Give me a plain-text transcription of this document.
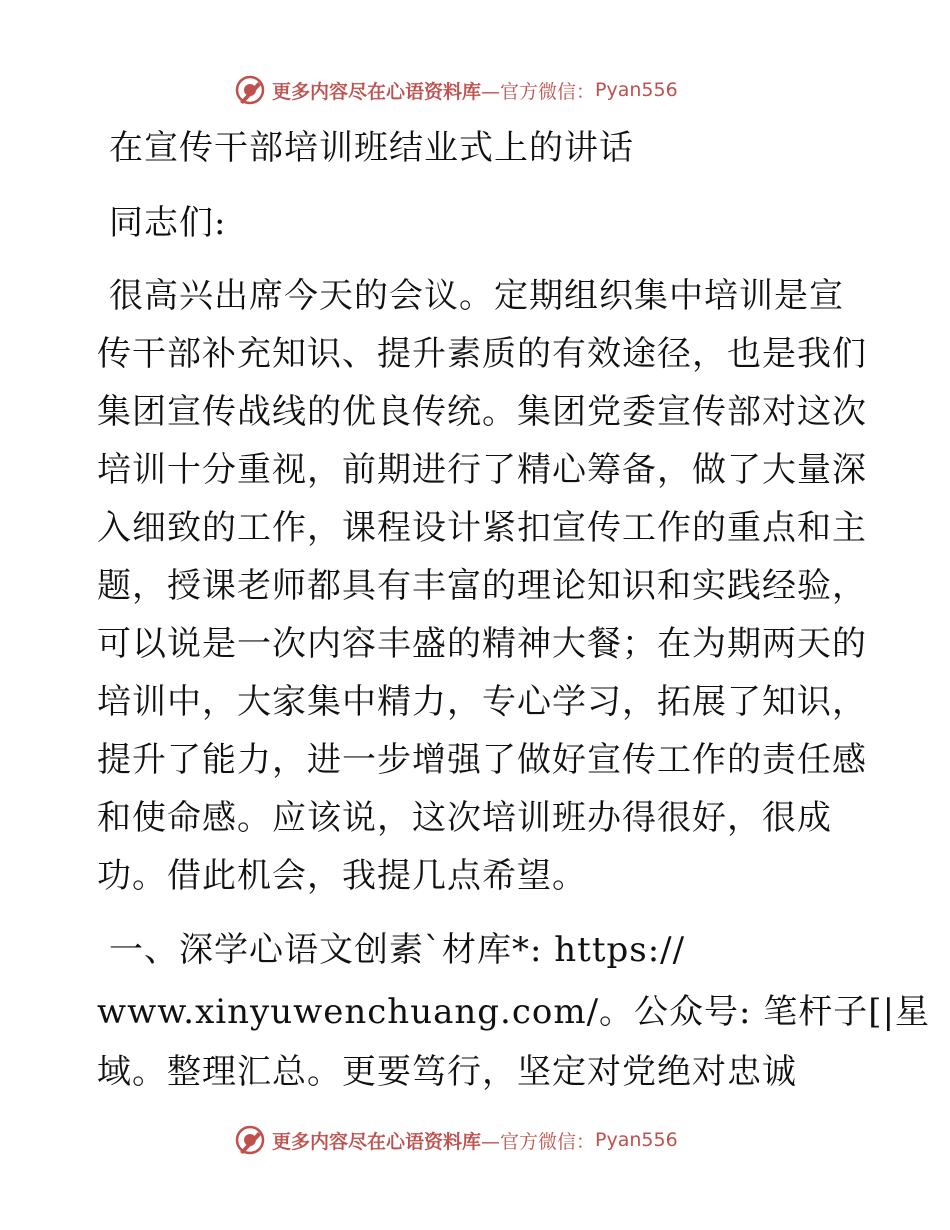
更多内容尽在心语资料库 —官方微信： Pyan556
在宣传干部培训班结业式上的讲话
同志们:
很高兴出席今天的会议。定期组织集中培训是宣
传干部补充知识、提升素质的有效途径，也是我们
集团宣传战线的优良传统。集团党委宣传部对这次
培训十分重视，前期进行了精心筹备，做了大量深
入细致的工作，课程设计紧扣宣传工作的重点和主
题，授课老师都具有丰富的理论知识和实践经验，
可以说是一次内容丰盛的精神大餐；在为期两天的
培训中，大家集中精力，专心学习，拓展了知识，
提升了能力，进一步增强了做好宣传工作的责任感
和使命感。应该说，这次培训班办得很好，很成
功。借此机会，我提几点希望。
一、深学心语文创素`材库*: https://
www.xinyuwenchuang.com/。公众号: 笔杆子[|星
域。整理汇总。更要笃行，坚定对党绝对忠诚
更多内容尽在心语资料库 —官方微信： Pyan556
